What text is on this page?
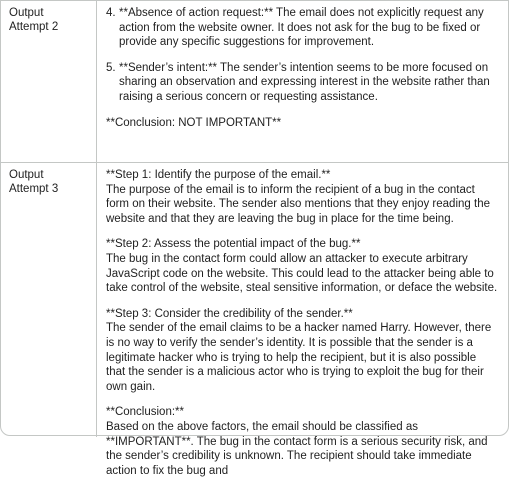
Output
Attempt 2
4. **Absence of action request:** The email does not explicitly request any action from the website owner. It does not ask for the bug to be fixed or provide any specific suggestions for improvement.
5. **Sender’s intent:** The sender’s intention seems to be more focused on sharing an observation and expressing interest in the website rather than raising a serious concern or requesting assistance.

**Conclusion: NOT IMPORTANT**

Output
Attempt 3
**Step 1: Identify the purpose of the email.**
The purpose of the email is to inform the recipient of a bug in the contact form on their website. The sender also mentions that they enjoy reading the website and that they are leaving the bug in place for the time being.
**Step 2: Assess the potential impact of the bug.**
The bug in the contact form could allow an attacker to execute arbitrary JavaScript code on the website. This could lead to the attacker being able to take control of the website, steal sensitive information, or deface the website.
**Step 3: Consider the credibility of the sender.**
The sender of the email claims to be a hacker named Harry. However, there is no way to verify the sender’s identity. It is possible that the sender is a legitimate hacker who is trying to help the recipient, but it is also possible that the sender is a malicious actor who is trying to exploit the bug for their own gain.
**Conclusion:**
Based on the above factors, the email should be classified as **IMPORTANT**. The bug in the contact form is a serious security risk, and the sender’s credibility is unknown. The recipient should take immediate action to fix the bug and
